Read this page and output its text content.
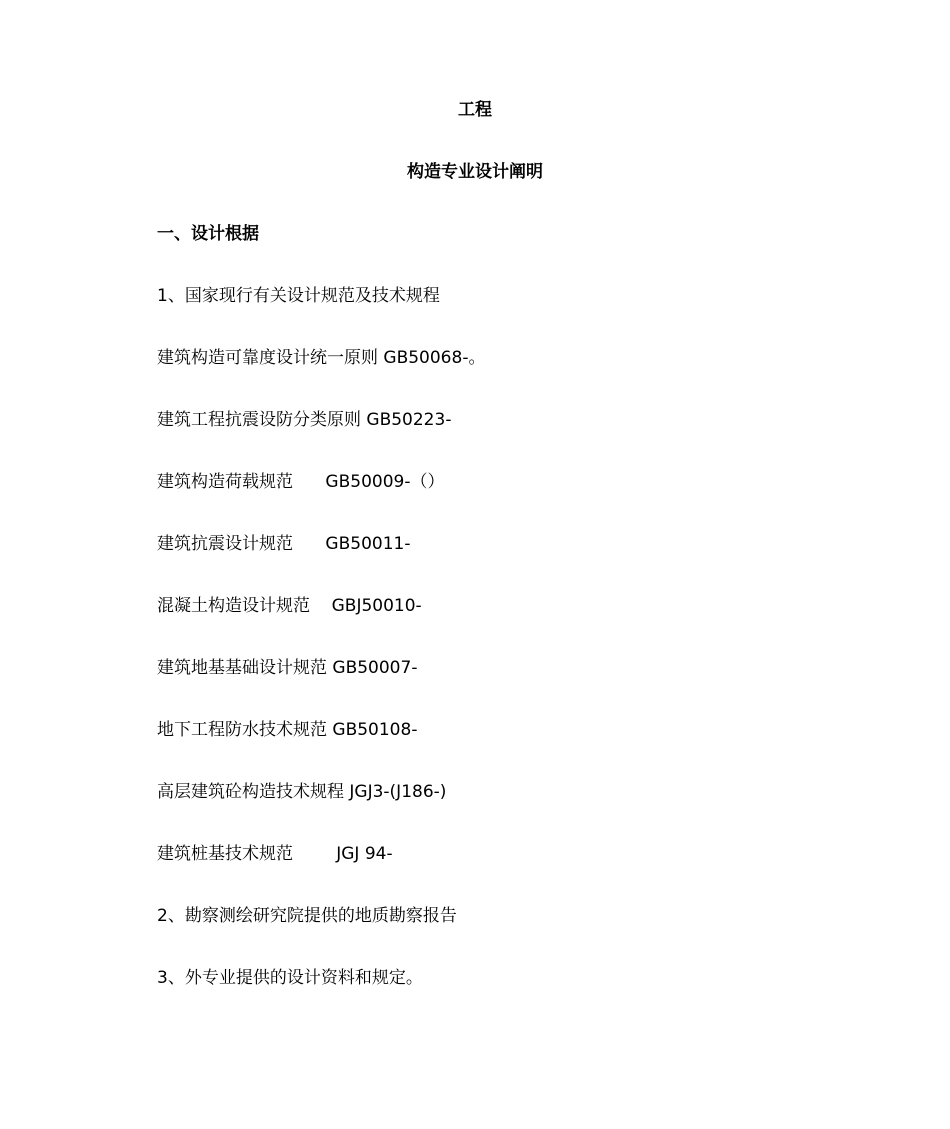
工程
构造专业设计阐明
一、设计根据
1、国家现行有关设计规范及技术规程
建筑构造可靠度设计统一原则 GB50068-。
建筑工程抗震设防分类原则 GB50223-
建筑构造荷载规范      GB50009-（）
建筑抗震设计规范      GB50011-
混凝土构造设计规范    GBJ50010-
建筑地基基础设计规范 GB50007-
地下工程防水技术规范 GB50108-
高层建筑砼构造技术规程 JGJ3-(J186-)
建筑桩基技术规范        JGJ 94-
2、勘察测绘研究院提供的地质勘察报告
3、外专业提供的设计资料和规定。
